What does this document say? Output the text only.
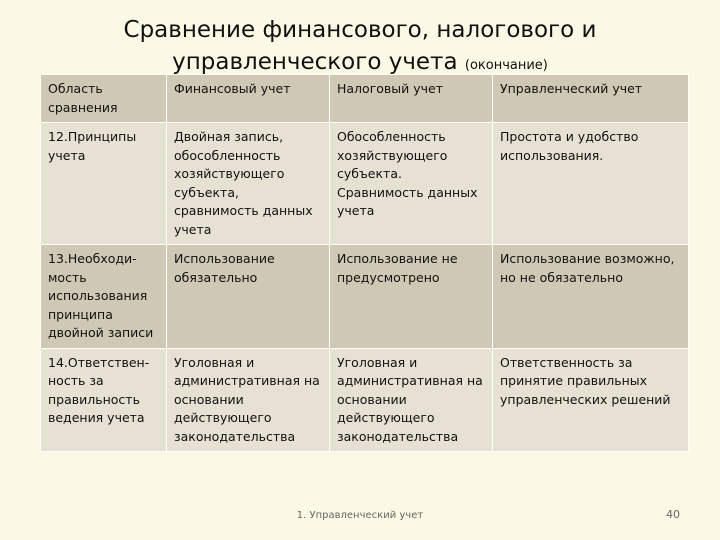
Сравнение финансового, налогового и
управленческого учета (окончание)
Область сравнения	Финансовый учет	Налоговый учет	Управленческий учет
12.Принципы учета	Двойная запись, обособленность хозяйствующего субъекта, сравнимость данных учета	Обособленность хозяйствующего субъекта. Сравнимость данных учета	Простота и удобство использования.
13.Необходи-мость использования принципа двойной записи	Использование обязательно	Использование не предусмотрено	Использование возможно, но не обязательно
14.Ответствен-ность за правильность ведения учета	Уголовная и административная на основании действующего законодательства	Уголовная и административная на основании действующего законодательства	Ответственность за принятие правильных управленческих решений
1. Управленческий учет	40
